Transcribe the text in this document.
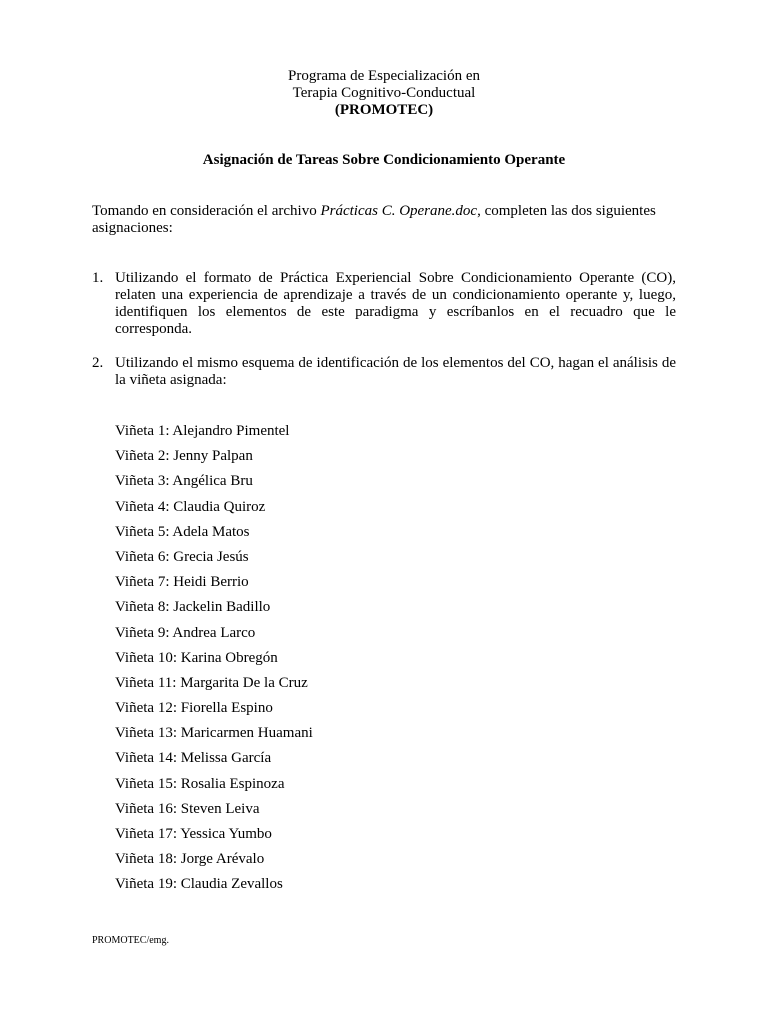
Programa de Especialización en
Terapia Cognitivo-Conductual
(PROMOTEC)
Asignación de Tareas Sobre Condicionamiento Operante
Tomando en consideración el archivo Prácticas C. Operane.doc, completen las dos siguientes asignaciones:
1. Utilizando el formato de Práctica Experiencial Sobre Condicionamiento Operante (CO), relaten una experiencia de aprendizaje a través de un condicionamiento operante y, luego, identifiquen los elementos de este paradigma y escríbanlos en el recuadro que le corresponda.
2. Utilizando el mismo esquema de identificación de los elementos del CO, hagan el análisis de la viñeta asignada:
Viñeta 1: Alejandro Pimentel
Viñeta 2: Jenny Palpan
Viñeta 3: Angélica Bru
Viñeta 4: Claudia Quiroz
Viñeta 5: Adela Matos
Viñeta 6: Grecia Jesús
Viñeta 7: Heidi Berrio
Viñeta 8: Jackelin Badillo
Viñeta 9: Andrea Larco
Viñeta 10: Karina Obregón
Viñeta 11: Margarita De la Cruz
Viñeta 12: Fiorella Espino
Viñeta 13: Maricarmen Huamani
Viñeta 14: Melissa García
Viñeta 15: Rosalia Espinoza
Viñeta 16: Steven Leiva
Viñeta 17: Yessica Yumbo
Viñeta 18: Jorge Arévalo
Viñeta 19: Claudia Zevallos
PROMOTEC/emg.
